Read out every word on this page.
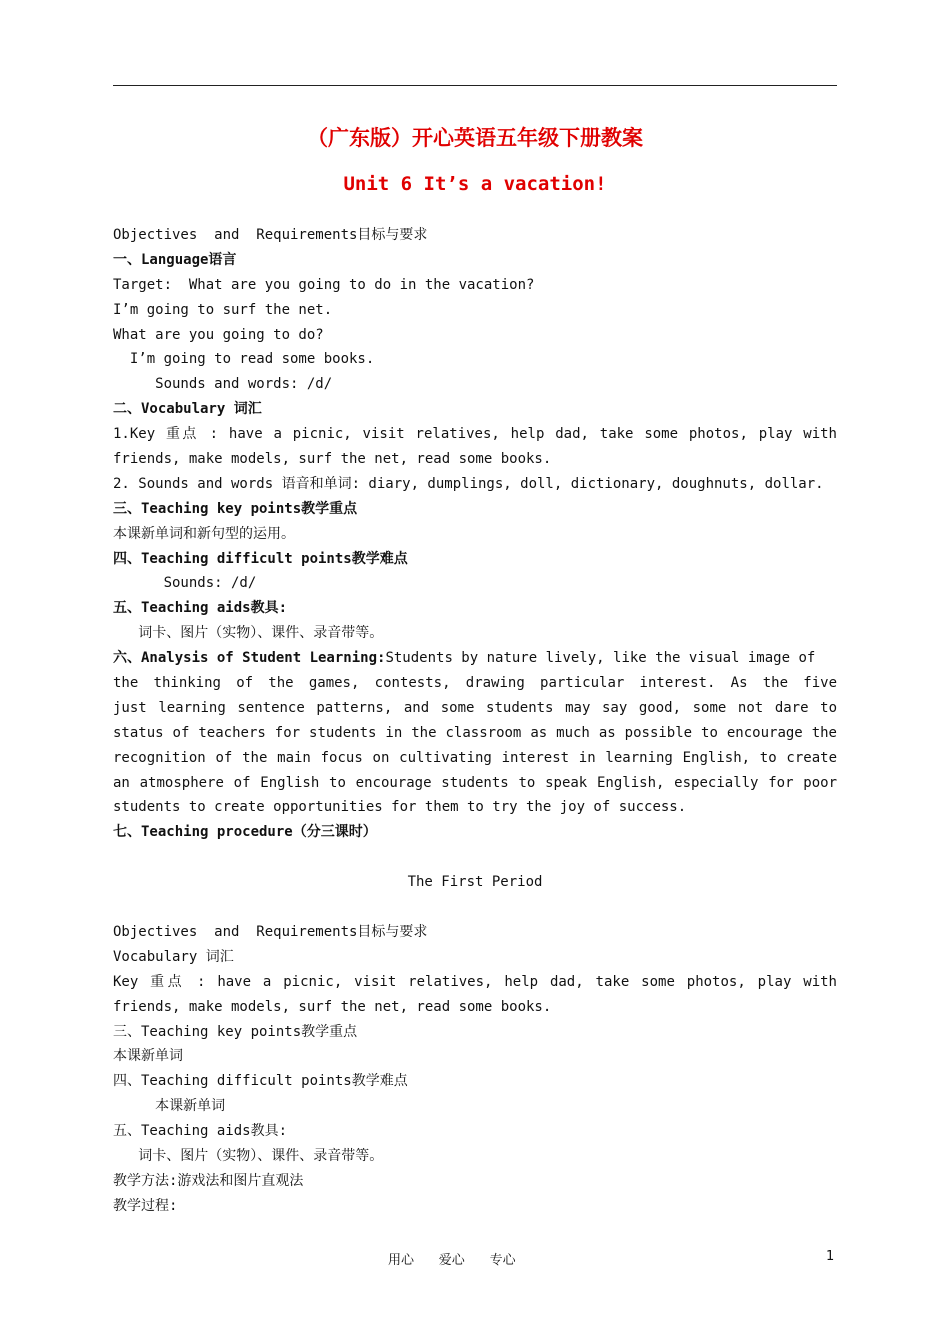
（广东版）开心英语五年级下册教案
Unit 6 It’s a vacation!
Objectives  and  Requirements目标与要求
一、Language语言
Target:  What are you going to do in the vacation?
I’m going to surf the net.
What are you going to do?
I’m going to read some books.
Sounds and words: /d/
二、Vocabulary 词汇
1.Key 重点 : have a picnic, visit relatives, help dad, take some photos, play with
friends, make models, surf the net, read some books.
2. Sounds and words 语音和单词: diary, dumplings, doll, dictionary, doughnuts, dollar.
三、Teaching key points教学重点
本课新单词和新句型的运用。
四、Teaching difficult points教学难点
Sounds: /d/
五、Teaching aids教具:
词卡、图片（实物）、课件、录音带等。
六、Analysis of Student Learning:Students by nature lively, like the visual image of
the thinking of the games, contests, drawing particular interest. As the five
just learning sentence patterns, and some students may say good, some not dare to
status of teachers for students in the classroom as much as possible to encourage the
recognition of the main focus on cultivating interest in learning English, to create
an atmosphere of English to encourage students to speak English, especially for poor
students to create opportunities for them to try the joy of success.
七、Teaching procedure（分三课时）
The First Period
Objectives  and  Requirements目标与要求
Vocabulary 词汇
Key 重点 : have a picnic, visit relatives, help dad, take some photos, play with
friends, make models, surf the net, read some books.
三、Teaching key points教学重点
本课新单词
四、Teaching difficult points教学难点
本课新单词
五、Teaching aids教具:
词卡、图片（实物）、课件、录音带等。
教学方法:游戏法和图片直观法
教学过程:
用心      爱心      专心	1
